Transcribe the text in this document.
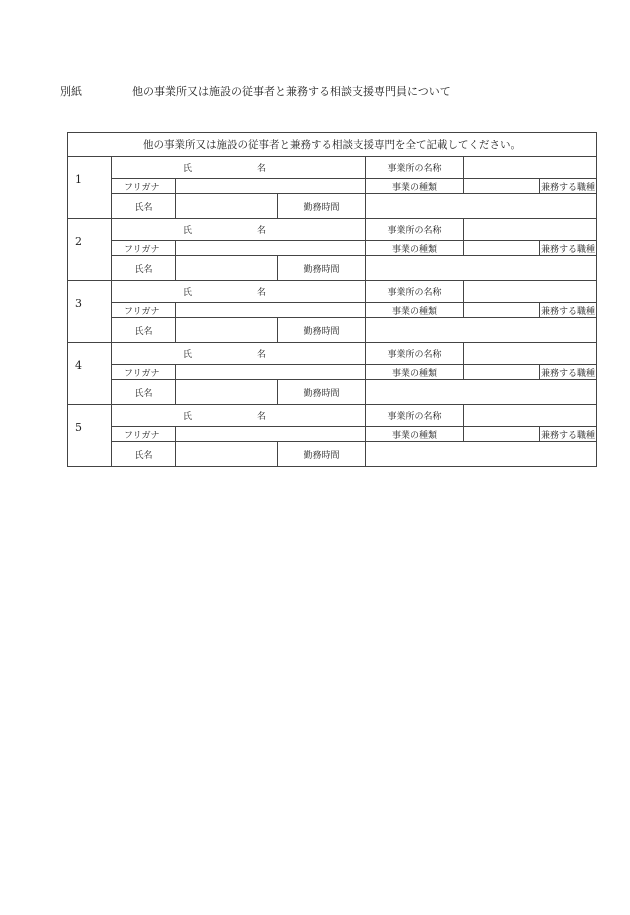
別紙	他の事業所又は施設の従事者と兼務する相談支援専門員について
他の事業所又は施設の従事者と兼務する相談支援専門を全て記載してください。						
1	氏　名			事業所の名称		
	フリガナ			事業の種類		兼務する職種
	氏名		勤務時間			
2	氏　名			事業所の名称		
	フリガナ			事業の種類		兼務する職種
	氏名		勤務時間			
3	氏　名			事業所の名称		
	フリガナ			事業の種類		兼務する職種
	氏名		勤務時間			
4	氏　名			事業所の名称		
	フリガナ			事業の種類		兼務する職種
	氏名		勤務時間			
5	氏　名			事業所の名称		
	フリガナ			事業の種類		兼務する職種
	氏名		勤務時間			
